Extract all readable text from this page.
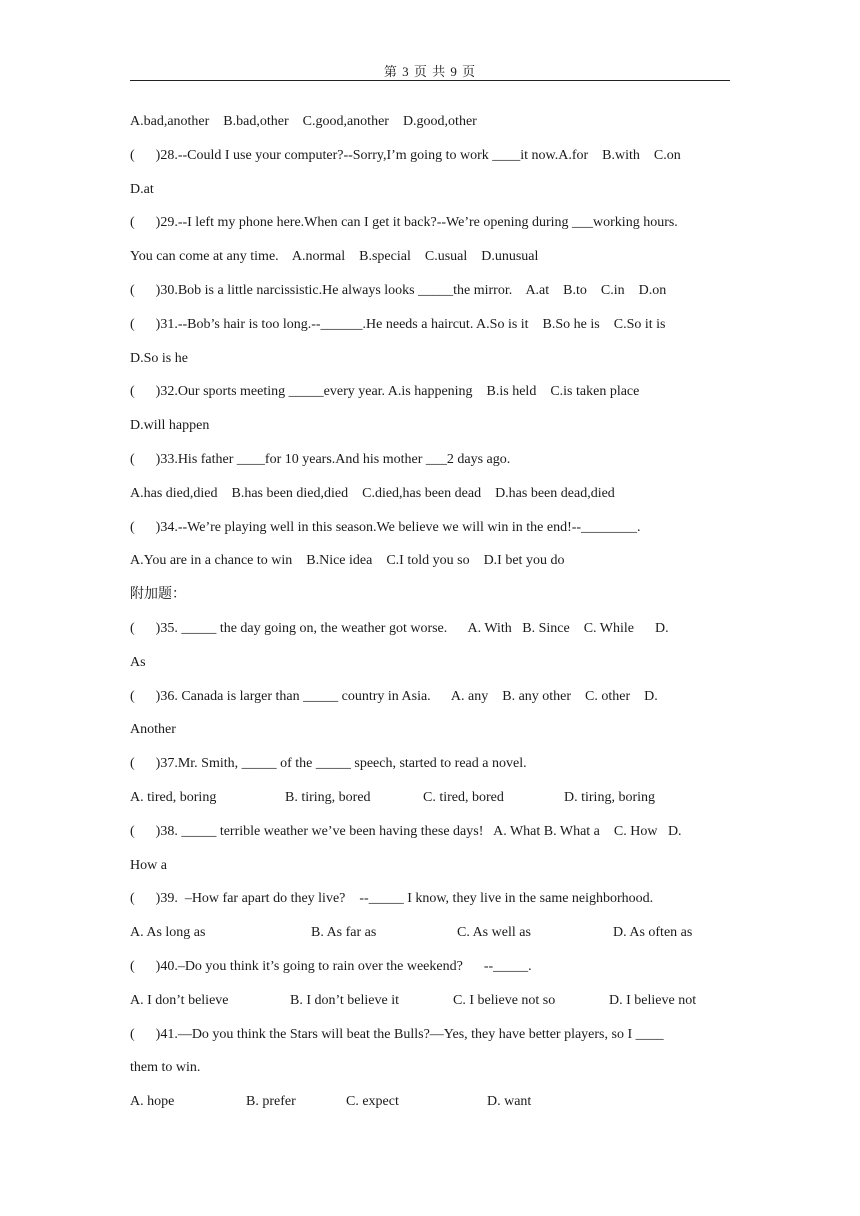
第 3 页 共 9 页
A.bad,another    B.bad,other    C.good,another    D.good,other
(      )28.--Could I use your computer?--Sorry,I’m going to work ____it now.A.for    B.with    C.on
D.at
(      )29.--I left my phone here.When can I get it back?--We’re opening during ___working hours.
You can come at any time.    A.normal    B.special    C.usual    D.unusual
(      )30.Bob is a little narcissistic.He always looks _____the mirror.    A.at    B.to    C.in    D.on
(      )31.--Bob’s hair is too long.--______.He needs a haircut. A.So is it    B.So he is    C.So it is
D.So is he
(      )32.Our sports meeting _____every year. A.is happening    B.is held    C.is taken place
D.will happen
(      )33.His father ____for 10 years.And his mother ___2 days ago.
A.has died,died    B.has been died,died    C.died,has been dead    D.has been dead,died
(      )34.--We’re playing well in this season.We believe we will win in the end!--________.
A.You are in a chance to win    B.Nice idea    C.I told you so    D.I bet you do
附加题：
(      )35. _____ the day going on, the weather got worse.      A. With   B. Since    C. While      D.
As
(      )36. Canada is larger than _____ country in Asia.      A. any    B. any other    C. other    D.
Another
(      )37.Mr. Smith, _____ of the _____ speech, started to read a novel.
A. tired, boring	B. tiring, bored	C. tired, bored	D. tiring, boring
(      )38. _____ terrible weather we’ve been having these days!   A. What B. What a    C. How   D.
How a
(      )39.  –How far apart do they live?    --_____ I know, they live in the same neighborhood.
A. As long as	B. As far as	C. As well as	D. As often as
(      )40.–Do you think it’s going to rain over the weekend?      --_____.
A. I don’t believe	B. I don’t believe it	C. I believe not so	D. I believe not
(      )41.—Do you think the Stars will beat the Bulls?—Yes, they have better players, so I ____
them to win.
A. hope	B. prefer	C. expect	D. want
